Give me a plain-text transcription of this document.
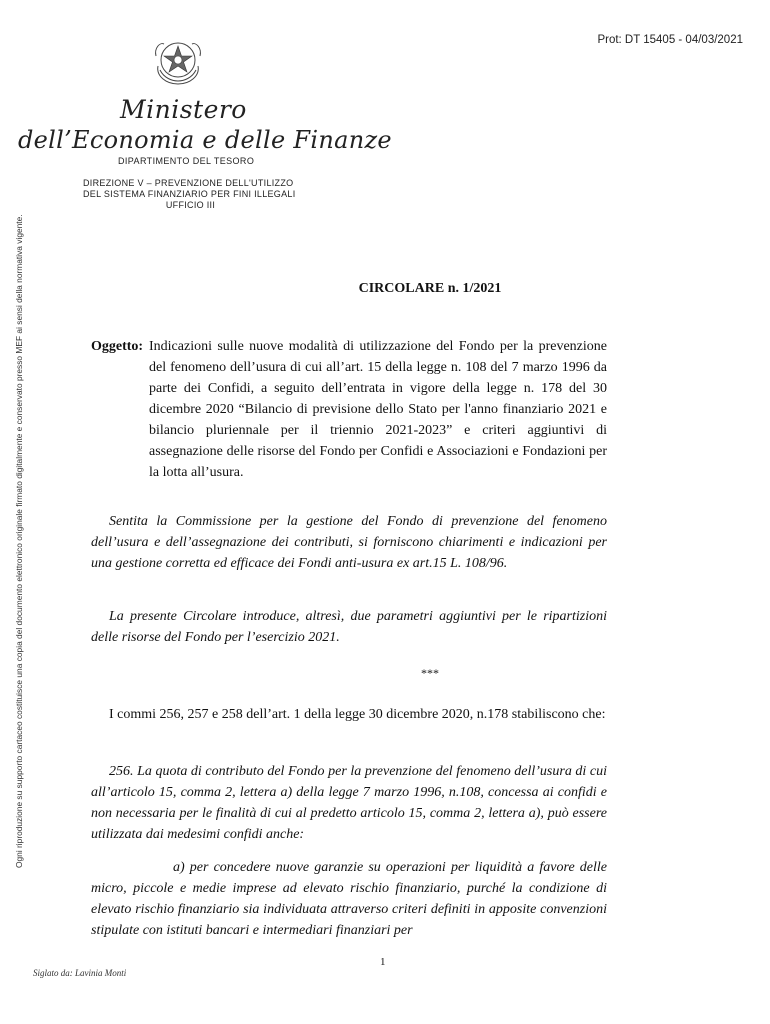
Prot: DT 15405 - 04/03/2021
Ogni riproduzione su supporto cartaceo costituisce una copia del documento elettronico originale firmato digitalmente e conservato presso MEF ai sensi della normativa vigente.
Ministero
dell’Economia e delle Finanze
DIPARTIMENTO DEL TESORO
DIREZIONE V – PREVENZIONE DELL'UTILIZZO
DEL SISTEMA FINANZIARIO PER FINI ILLEGALI
UFFICIO III
CIRCOLARE n. 1/2021
Oggetto: Indicazioni sulle nuove modalità di utilizzazione del Fondo per la prevenzione del fenomeno dell’usura di cui all’art. 15 della legge n. 108 del 7 marzo 1996 da parte dei Confidi, a seguito dell’entrata in vigore della legge n. 178 del 30 dicembre 2020 “Bilancio di previsione dello Stato per l'anno finanziario 2021 e bilancio pluriennale per il triennio 2021-2023” e criteri aggiuntivi di assegnazione delle risorse del Fondo per Confidi e Associazioni e Fondazioni per la lotta all’usura.
Sentita la Commissione per la gestione del Fondo di prevenzione del fenomeno dell’usura e dell’assegnazione dei contributi, si forniscono chiarimenti e indicazioni per una gestione corretta ed efficace dei Fondi anti-usura ex art.15 L. 108/96.
La presente Circolare introduce, altresì, due parametri aggiuntivi per le ripartizioni delle risorse del Fondo per l’esercizio 2021.
***
I commi 256, 257 e 258 dell’art. 1 della legge 30 dicembre 2020, n.178 stabiliscono che:
256. La quota di contributo del Fondo per la prevenzione del fenomeno dell’usura di cui all’articolo 15, comma 2, lettera a) della legge 7 marzo 1996, n.108, concessa ai confidi e non necessaria per le finalità di cui al predetto articolo 15, comma 2, lettera a), può essere utilizzata dai medesimi confidi anche:
a) per concedere nuove garanzie su operazioni per liquidità a favore delle micro, piccole e medie imprese ad elevato rischio finanziario, purché la condizione di elevato rischio finanziario sia individuata attraverso criteri definiti in apposite convenzioni stipulate con istituti bancari e intermediari finanziari per
1
Siglato da: Lavinia Monti
